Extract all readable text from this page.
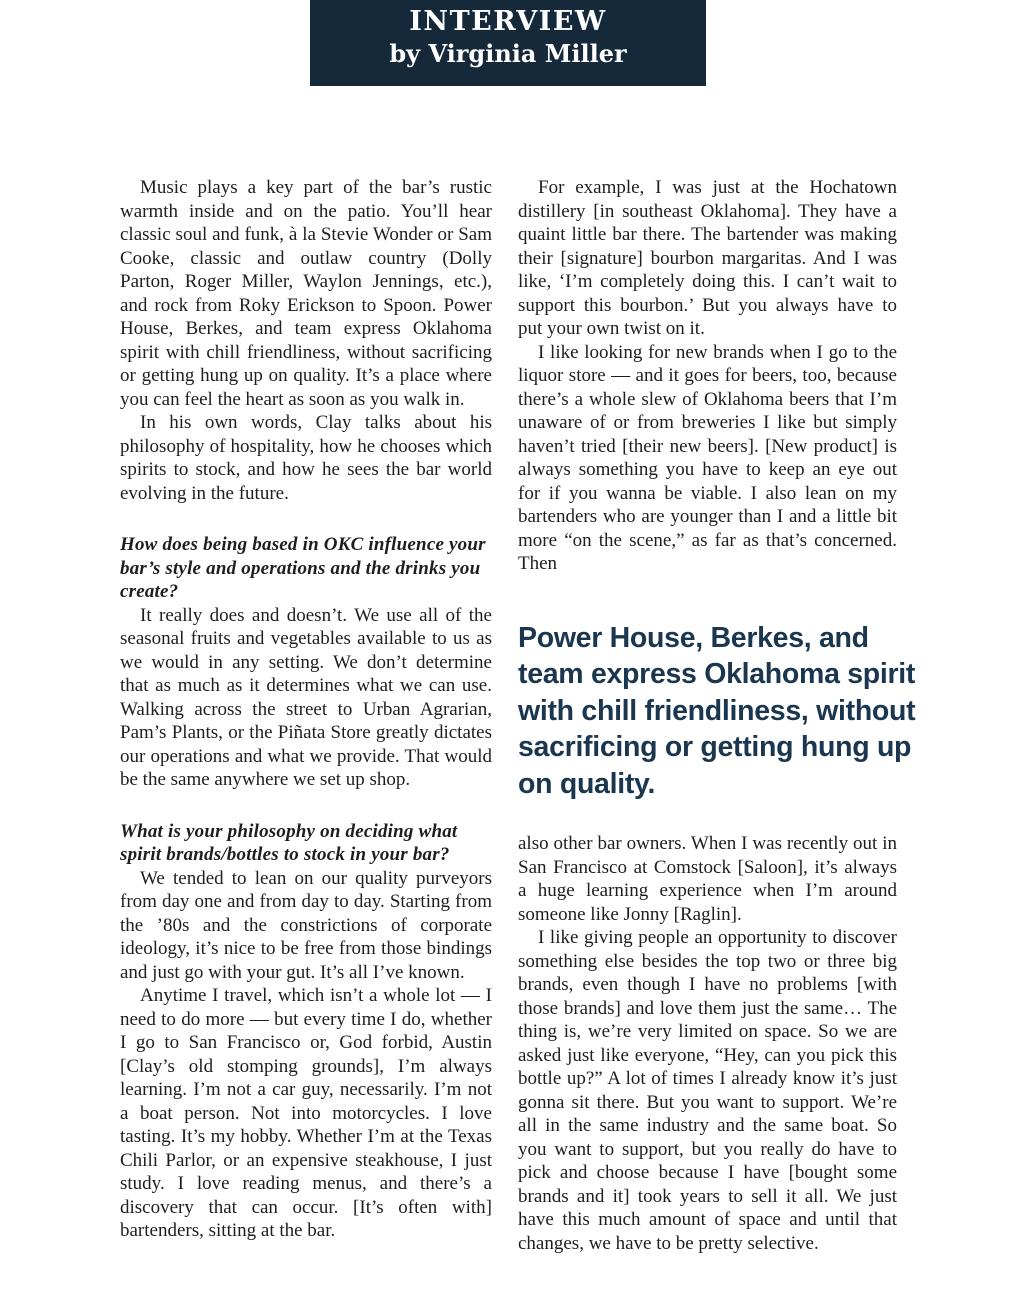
INTERVIEW
by Virginia Miller

Music plays a key part of the bar’s rustic warmth inside and on the patio. You’ll hear classic soul and funk, à la Stevie Wonder or Sam Cooke, classic and outlaw country (Dolly Parton, Roger Miller, Waylon Jennings, etc.), and rock from Roky Erickson to Spoon. Power House, Berkes, and team express Oklahoma spirit with chill friendliness, without sacrificing or getting hung up on quality. It’s a place where you can feel the heart as soon as you walk in.

In his own words, Clay talks about his philosophy of hospitality, how he chooses which spirits to stock, and how he sees the bar world evolving in the future.

How does being based in OKC influence your bar’s style and operations and the drinks you create?

It really does and doesn’t. We use all of the seasonal fruits and vegetables available to us as we would in any setting. We don’t determine that as much as it determines what we can use. Walking across the street to Urban Agrarian, Pam’s Plants, or the Piñata Store greatly dictates our operations and what we provide. That would be the same anywhere we set up shop.

What is your philosophy on deciding what spirit brands/bottles to stock in your bar?

We tended to lean on our quality purveyors from day one and from day to day. Starting from the ’80s and the constrictions of corporate ideology, it’s nice to be free from those bindings and just go with your gut. It’s all I’ve known.

Anytime I travel, which isn’t a whole lot — I need to do more — but every time I do, whether I go to San Francisco or, God forbid, Austin [Clay’s old stomping grounds], I’m always learning. I’m not a car guy, necessarily. I’m not a boat person. Not into motorcycles. I love tasting. It’s my hobby. Whether I’m at the Texas Chili Parlor, or an expensive steakhouse, I just study. I love reading menus, and there’s a discovery that can occur. [It’s often with] bartenders, sitting at the bar.

For example, I was just at the Hochatown distillery [in southeast Oklahoma]. They have a quaint little bar there. The bartender was making their [signature] bourbon margaritas. And I was like, ‘I’m completely doing this. I can’t wait to support this bourbon.’ But you always have to put your own twist on it.

I like looking for new brands when I go to the liquor store — and it goes for beers, too, because there’s a whole slew of Oklahoma beers that I’m unaware of or from breweries I like but simply haven’t tried [their new beers]. [New product] is always something you have to keep an eye out for if you wanna be viable. I also lean on my bartenders who are younger than I and a little bit more “on the scene,” as far as that’s concerned. Then

Power House, Berkes, and team express Oklahoma spirit with chill friendliness, without sacrificing or getting hung up on quality.

also other bar owners. When I was recently out in San Francisco at Comstock [Saloon], it’s always a huge learning experience when I’m around someone like Jonny [Raglin].

I like giving people an opportunity to discover something else besides the top two or three big brands, even though I have no problems [with those brands] and love them just the same… The thing is, we’re very limited on space. So we are asked just like everyone, “Hey, can you pick this bottle up?” A lot of times I already know it’s just gonna sit there. But you want to support. We’re all in the same industry and the same boat. So you want to support, but you really do have to pick and choose because I have [bought some brands and it] took years to sell it all. We just have this much amount of space and until that changes, we have to be pretty selective.
